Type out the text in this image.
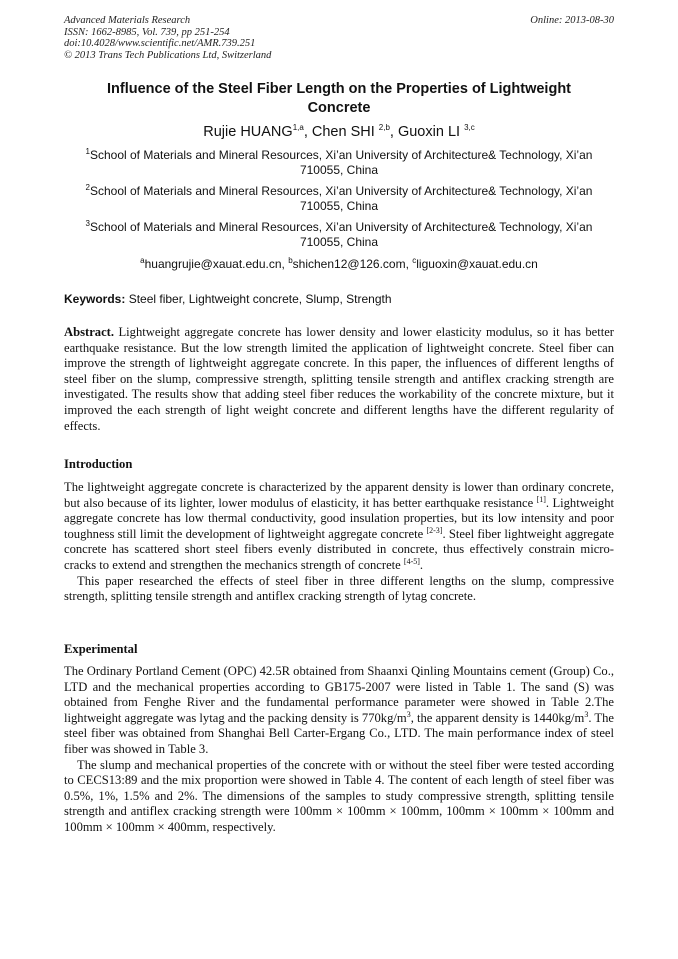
Advanced Materials Research
ISSN: 1662-8985, Vol. 739, pp 251-254
doi:10.4028/www.scientific.net/AMR.739.251
© 2013 Trans Tech Publications Ltd, Switzerland
Online: 2013-08-30
Influence of the Steel Fiber Length on the Properties of Lightweight
Concrete
Rujie HUANG$^{1,a}$, Chen SHI $^{2,b}$, Guoxin LI $^{3,c}$
$^1$School of Materials and Mineral Resources, Xi’an University of Architecture& Technology, Xi’an
710055, China
$^2$School of Materials and Mineral Resources, Xi’an University of Architecture& Technology, Xi’an
710055, China
$^3$School of Materials and Mineral Resources, Xi’an University of Architecture& Technology, Xi’an
710055, China
$^a$huangrujie@xauat.edu.cn, $^b$shichen12@126.com, $^c$liguoxin@xauat.edu.cn
Keywords: Steel fiber, Lightweight concrete, Slump, Strength

Abstract. Lightweight aggregate concrete has lower density and lower elasticity modulus, so it has better earthquake resistance. But the low strength limited the application of lightweight concrete. Steel fiber can improve the strength of lightweight aggregate concrete. In this paper, the influences of different lengths of steel fiber on the slump, compressive strength, splitting tensile strength and antiflex cracking strength are investigated. The results show that adding steel fiber reduces the workability of the concrete mixture, but it improved the each strength of light weight concrete and different lengths have the different regularity of effects.

Introduction

The lightweight aggregate concrete is characterized by the apparent density is lower than ordinary concrete, but also because of its lighter, lower modulus of elasticity, it has better earthquake resistance [1]. Lightweight aggregate concrete has low thermal conductivity, good insulation properties, but its low intensity and poor toughness still limit the development of lightweight aggregate concrete [2-3]. Steel fiber lightweight aggregate concrete has scattered short steel fibers evenly distributed in concrete, thus effectively constrain micro-cracks to extend and strengthen the mechanics strength of concrete [4-5].

This paper researched the effects of steel fiber in three different lengths on the slump, compressive strength, splitting tensile strength and antiflex cracking strength of lytag concrete.

Experimental

The Ordinary Portland Cement (OPC) 42.5R obtained from Shaanxi Qinling Mountains cement (Group) Co., LTD and the mechanical properties according to GB175-2007 were listed in Table 1. The sand (S) was obtained from Fenghe River and the fundamental performance parameter were showed in Table 2.The lightweight aggregate was lytag and the packing density is $770kg/m^3$, the apparent density is $1440kg/m^3$. The steel fiber was obtained from Shanghai Bell Carter-Ergang Co., LTD. The main performance index of steel fiber was showed in Table 3.

The slump and mechanical properties of the concrete with or without the steel fiber were tested according to CECS13:89 and the mix proportion were showed in Table 4. The content of each length of steel fiber was 0.5%, 1%, 1.5% and 2%. The dimensions of the samples to study compressive strength, splitting tensile strength and antiflex cracking strength were 100mm × 100mm × 100mm, 100mm × 100mm × 100mm and 100mm × 100mm × 400mm, respectively.
